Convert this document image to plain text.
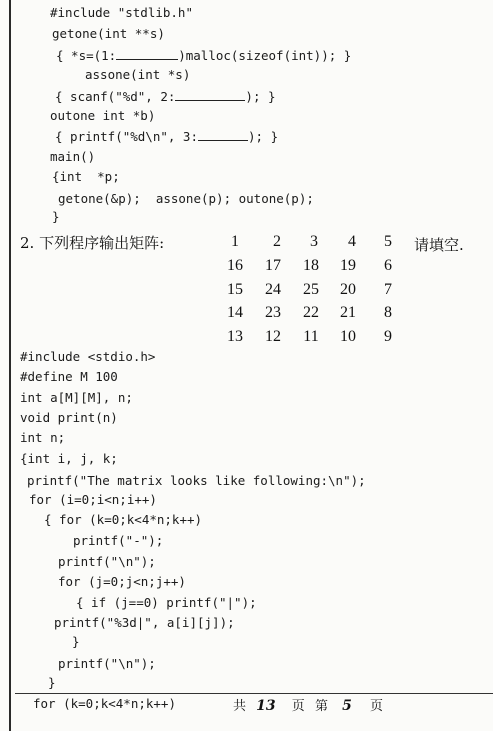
#include "stdlib.h"
getone(int **s)
{ *s=(1:	)malloc(sizeof(int)); }
assone(int *s)
{ scanf("%d", 2:	); }
outone int *b)
{ printf("%d\n", 3:	); }
main()
{int  *p;
getone(&p);  assone(p); outone(p);
}
2. 下列程序输出矩阵:	请填空.
1	2	3	4	5
16	17	18	19	6
15	24	25	20	7
14	23	22	21	8
13	12	11	10	9
#include <stdio.h>
#define M 100
int a[M][M], n;
void print(n)
int n;
{int i, j, k;
printf("The matrix looks like following:\n");
for (i=0;i<n;i++)
{ for (k=0;k<4*n;k++)
printf("-");
printf("\n");
for (j=0;j<n;j++)
{ if (j==0) printf("|");
printf("%3d|", a[i][j]);
}
printf("\n");
}
for (k=0;k<4*n;k++)	共 13 页 第 5 页
